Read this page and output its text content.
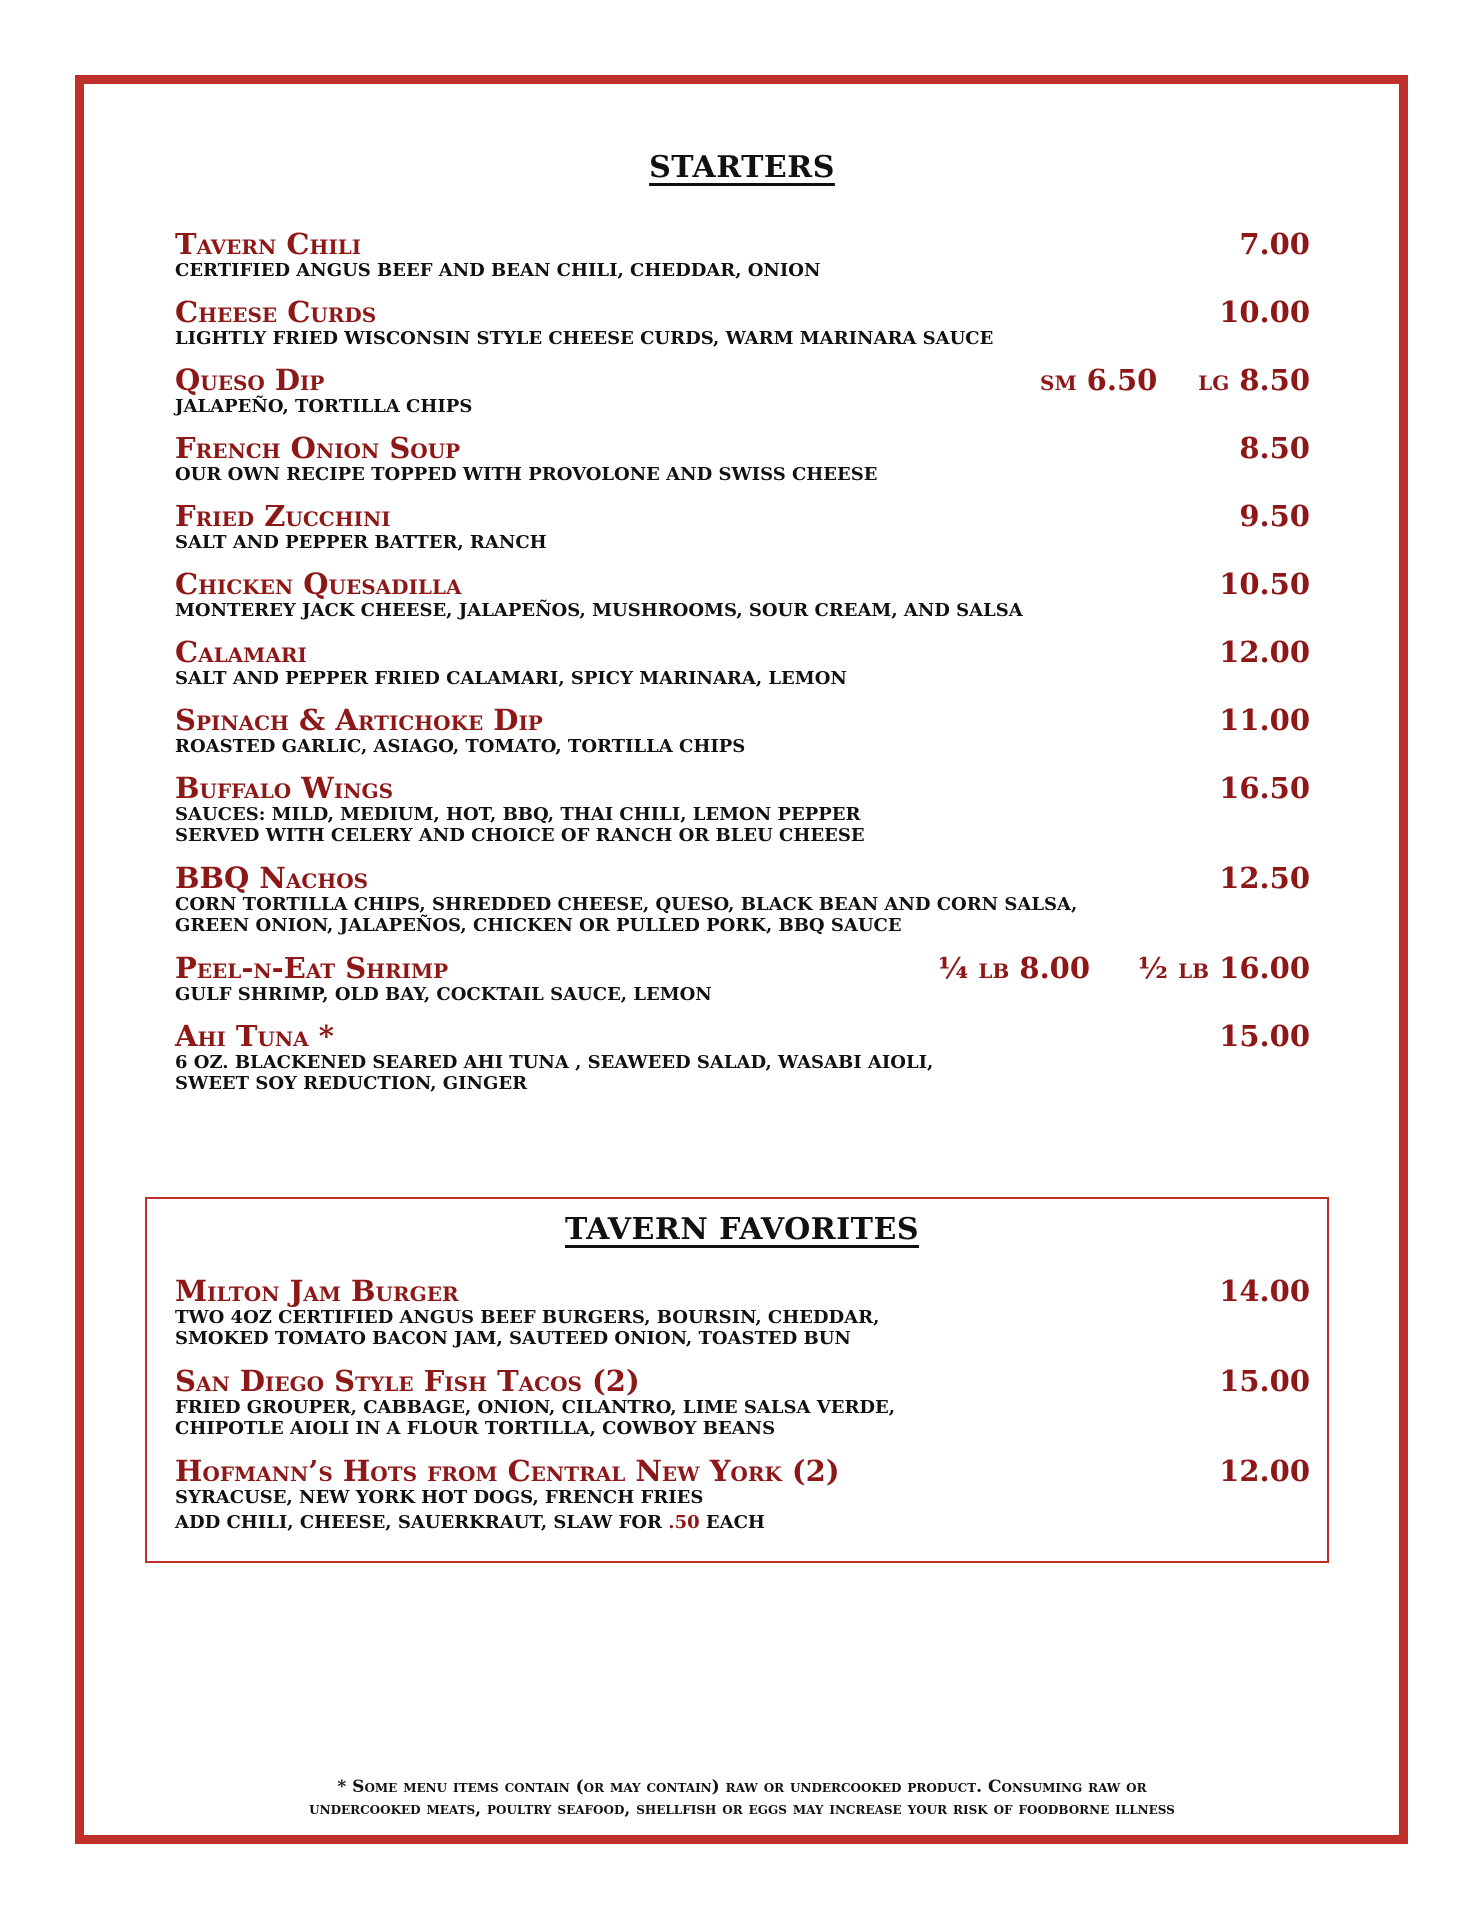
STARTERS
Tavern Chili
CERTIFIED ANGUS BEEF AND BEAN CHILI, CHEDDAR, ONION
7.00
Cheese Curds
LIGHTLY FRIED WISCONSIN STYLE CHEESE CURDS, WARM MARINARA SAUCE
10.00
Queso Dip
JALAPEÑO, TORTILLA CHIPS
sm 6.50 lg 8.50
French Onion Soup
OUR OWN RECIPE TOPPED WITH PROVOLONE AND SWISS CHEESE
8.50
Fried Zucchini
SALT AND PEPPER BATTER, RANCH
9.50
Chicken Quesadilla
MONTEREY JACK CHEESE, JALAPEÑOS, MUSHROOMS, SOUR CREAM, AND SALSA
10.50
Calamari
SALT AND PEPPER FRIED CALAMARI, SPICY MARINARA, LEMON
12.00
Spinach & Artichoke Dip
ROASTED GARLIC, ASIAGO, TOMATO, TORTILLA CHIPS
11.00
Buffalo Wings
SAUCES: MILD, MEDIUM, HOT, BBQ, THAI CHILI, LEMON PEPPER
SERVED WITH CELERY AND CHOICE OF RANCH OR BLEU CHEESE
16.50
BBQ Nachos
CORN TORTILLA CHIPS, SHREDDED CHEESE, QUESO, BLACK BEAN AND CORN SALSA,
GREEN ONION, JALAPEÑOS, CHICKEN OR PULLED PORK, BBQ SAUCE
12.50
Peel-n-Eat Shrimp
GULF SHRIMP, OLD BAY, COCKTAIL SAUCE, LEMON
¼ lb 8.00 ½ lb 16.00
Ahi Tuna *
6 OZ. BLACKENED SEARED AHI TUNA , SEAWEED SALAD, WASABI AIOLI,
SWEET SOY REDUCTION, GINGER
15.00
TAVERN FAVORITES
Milton Jam Burger
TWO 4OZ CERTIFIED ANGUS BEEF BURGERS, BOURSIN, CHEDDAR,
SMOKED TOMATO BACON JAM, SAUTEED ONION, TOASTED BUN
14.00
San Diego Style Fish Tacos (2)
FRIED GROUPER, CABBAGE, ONION, CILANTRO, LIME SALSA VERDE,
CHIPOTLE AIOLI IN A FLOUR TORTILLA, COWBOY BEANS
15.00
Hofmann’s Hots from Central New York (2)
SYRACUSE, NEW YORK HOT DOGS, FRENCH FRIES
ADD CHILI, CHEESE, SAUERKRAUT, SLAW FOR .50 EACH
12.00
* Some menu items contain (or may contain) raw or undercooked product. Consuming raw or
undercooked meats, poultry seafood, shellfish or eggs may increase your risk of foodborne illness
